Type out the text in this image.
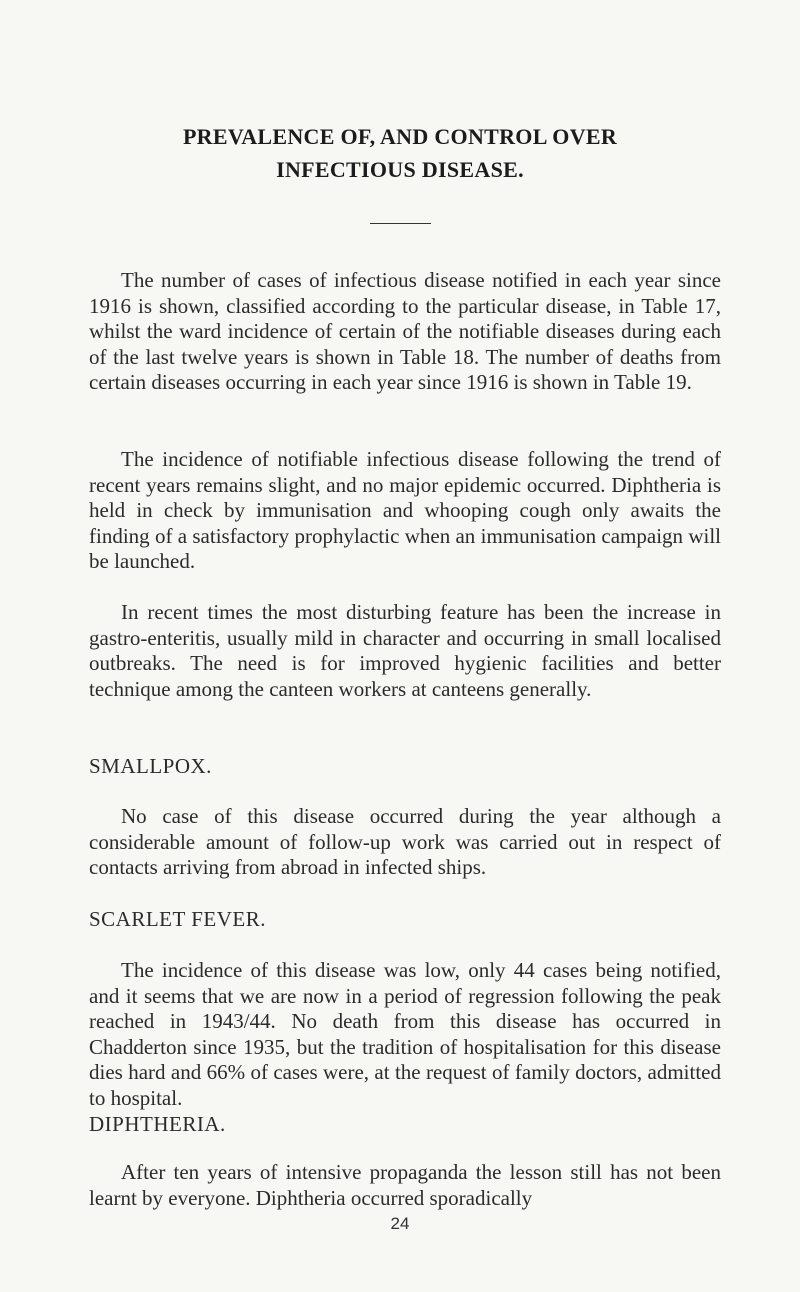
PREVALENCE OF, AND CONTROL OVER
INFECTIOUS DISEASE.

The number of cases of infectious disease notified in each year since 1916 is shown, classified according to the particular disease, in Table 17, whilst the ward incidence of certain of the notifiable diseases during each of the last twelve years is shown in Table 18. The number of deaths from certain diseases occurring in each year since 1916 is shown in Table 19.

The incidence of notifiable infectious disease following the trend of recent years remains slight, and no major epidemic occurred. Diphtheria is held in check by immunisation and whooping cough only awaits the finding of a satisfactory prophylactic when an immunisation campaign will be launched.

In recent times the most disturbing feature has been the increase in gastro-enteritis, usually mild in character and occurring in small localised outbreaks. The need is for improved hygienic facilities and better technique among the canteen workers at canteens generally.

SMALLPOX.

No case of this disease occurred during the year although a considerable amount of follow-up work was carried out in respect of contacts arriving from abroad in infected ships.

SCARLET FEVER.

The incidence of this disease was low, only 44 cases being notified, and it seems that we are now in a period of regression following the peak reached in 1943/44. No death from this disease has occurred in Chadderton since 1935, but the tradition of hospitalisation for this disease dies hard and 66% of cases were, at the request of family doctors, admitted to hospital.

DIPHTHERIA.

After ten years of intensive propaganda the lesson still has not been learnt by everyone. Diphtheria occurred sporadically

24
